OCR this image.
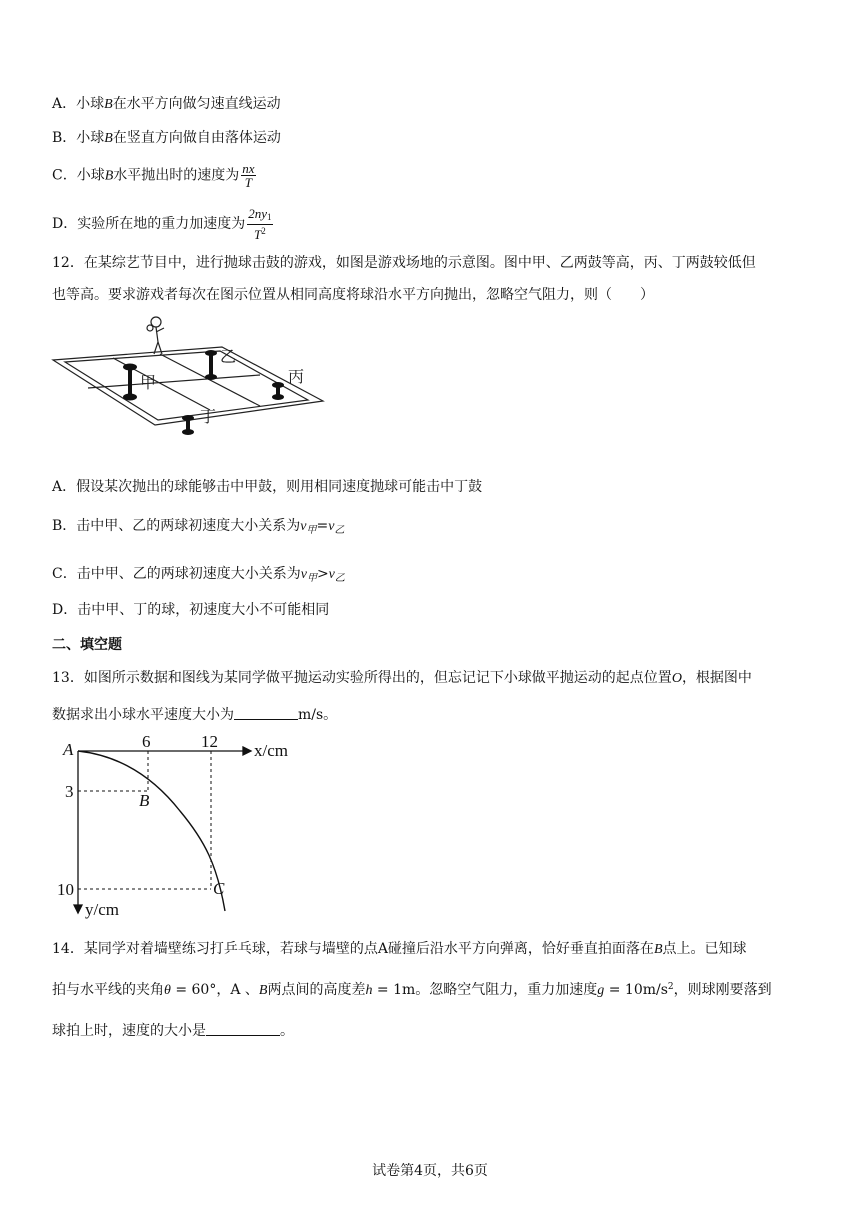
A．小球B在水平方向做匀速直线运动
B．小球B在竖直方向做自由落体运动
C．小球B水平抛出时的速度为 $\frac{nx}{T}$
D．实验所在地的重力加速度为 $\frac{2ny_1}{T^2}$
12．在某综艺节目中，进行抛球击鼓的游戏，如图是游戏场地的示意图。图中甲、乙两鼓等高，丙、丁两鼓较低但
也等高。要求游戏者每次在图示位置从相同高度将球沿水平方向抛出，忽略空气阻力，则（　　）
甲
乙
丙
丁
A．假设某次抛出的球能够击中甲鼓，则用相同速度抛球可能击中丁鼓
B．击中甲、乙的两球初速度大小关系为$v_甲=v_乙$
C．击中甲、乙的两球初速度大小关系为$v_甲>v_乙$
D．击中甲、丁的球，初速度大小不可能相同
二、填空题
13．如图所示数据和图线为某同学做平抛运动实验所得出的，但忘记记下小球做平抛运动的起点位置O，根据图中
数据求出小球水平速度大小为	m/s。
A
B
C
6	12 x/cm
3
10
y/cm
14．某同学对着墙壁练习打乒乓球，若球与墙壁的点A碰撞后沿水平方向弹离，恰好垂直拍面落在B点上。已知球
拍与水平线的夹角θ = 60°，A 、B两点间的高度差h = 1m。忽略空气阻力，重力加速度$g = 10m/s^2$，则球刚要落到
球拍上时，速度的大小是	。
试卷第4页，共6页
